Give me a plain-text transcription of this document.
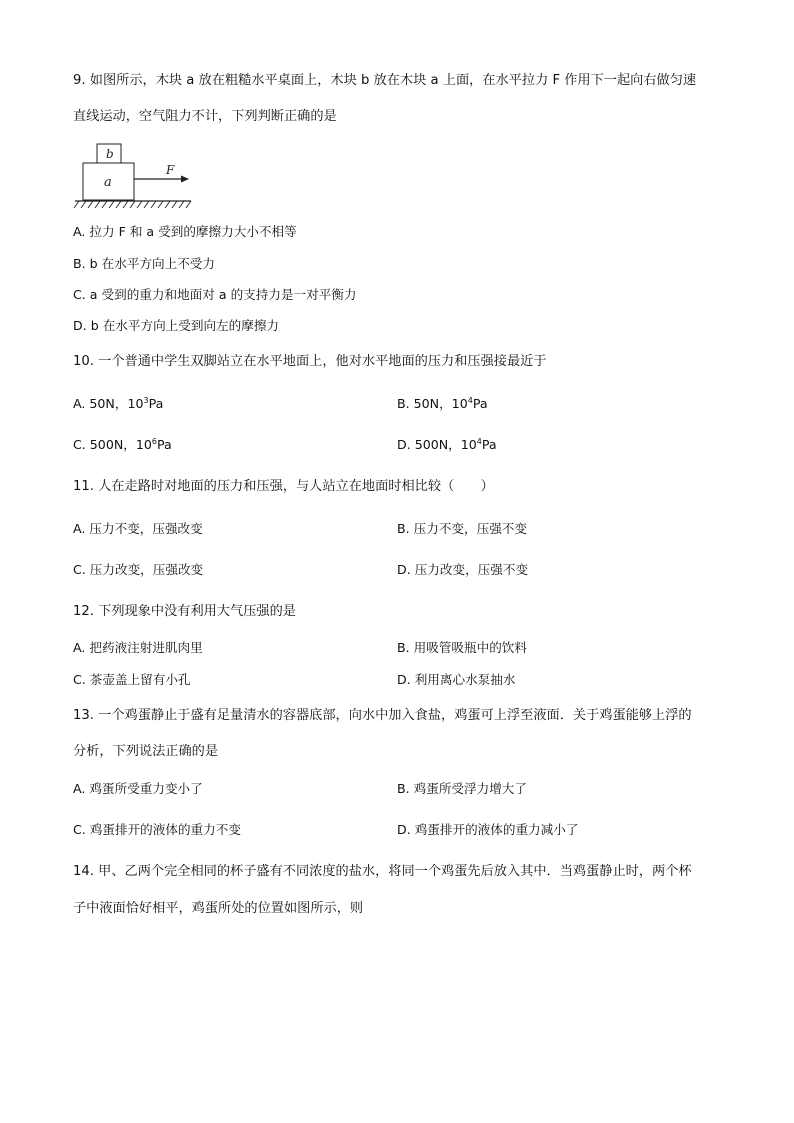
9. 如图所示，木块 a 放在粗糙水平桌面上，木块 b 放在木块 a 上面，在水平拉力 F 作用下一起向右做匀速
直线运动，空气阻力不计，下列判断正确的是
b
a
F
A. 拉力 F 和 a 受到的摩擦力大小不相等
B. b 在水平方向上不受力
C. a 受到的重力和地面对 a 的支持力是一对平衡力
D. b 在水平方向上受到向左的摩擦力
10. 一个普通中学生双脚站立在水平地面上，他对水平地面的压力和压强接最近于
A. 50N，$10^3Pa$	B. 50N，$10^4Pa$
C. 500N，$10^6Pa$	D. 500N，$10^4Pa$
11. 人在走路时对地面的压力和压强，与人站立在地面时相比较（　　）
A. 压力不变，压强改变	B. 压力不变，压强不变
C. 压力改变，压强改变	D. 压力改变，压强不变
12. 下列现象中没有利用大气压强的是
A. 把药液注射进肌肉里	B. 用吸管吸瓶中的饮料
C. 茶壶盖上留有小孔	D. 利用离心水泵抽水
13. 一个鸡蛋静止于盛有足量清水的容器底部，向水中加入食盐，鸡蛋可上浮至液面．关于鸡蛋能够上浮的
分析，下列说法正确的是
A. 鸡蛋所受重力变小了	B. 鸡蛋所受浮力增大了
C. 鸡蛋排开的液体的重力不变	D. 鸡蛋排开的液体的重力减小了
14. 甲、乙两个完全相同的杯子盛有不同浓度的盐水，将同一个鸡蛋先后放入其中．当鸡蛋静止时，两个杯
子中液面恰好相平，鸡蛋所处的位置如图所示，则
